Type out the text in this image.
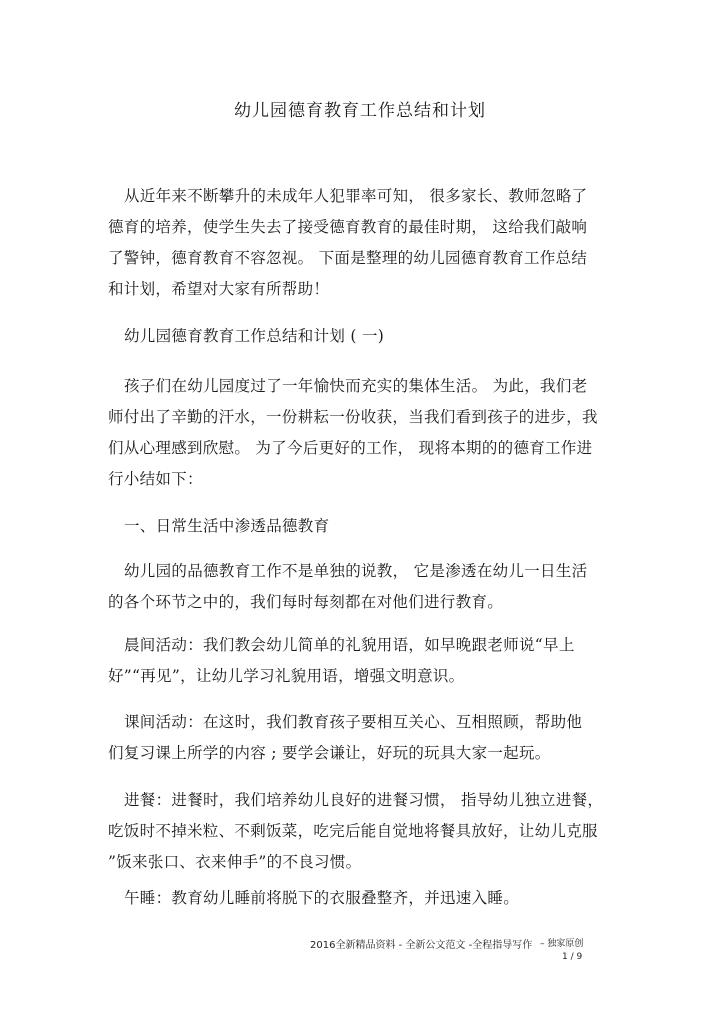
幼儿园德育教育工作总结和计划
从近年来不断攀升的未成年人犯罪率可知， 很多家长、教师忽略了
德育的培养，使学生失去了接受德育教育的最佳时期， 这给我们敲响
了警钟，德育教育不容忽视。 下面是整理的幼儿园德育教育工作总结
和计划，希望对大家有所帮助！
幼儿园德育教育工作总结和计划 ( 一)
孩子们在幼儿园度过了一年愉快而充实的集体生活。 为此，我们老
师付出了辛勤的汗水，一份耕耘一份收获，当我们看到孩子的进步，我
们从心理感到欣慰。 为了今后更好的工作， 现将本期的的德育工作进
行小结如下：
一、日常生活中渗透品德教育
幼儿园的品德教育工作不是单独的说教， 它是渗透在幼儿一日生活
的各个环节之中的，我们每时每刻都在对他们进行教育。
晨间活动：我们教会幼儿简单的礼貌用语，如早晚跟老师说“早上
好”“再见”，让幼儿学习礼貌用语，增强文明意识。
课间活动：在这时，我们教育孩子要相互关心、互相照顾，帮助他
们复习课上所学的内容 ; 要学会谦让，好玩的玩具大家一起玩。
进餐：进餐时，我们培养幼儿良好的进餐习惯， 指导幼儿独立进餐，
吃饭时不掉米粒、不剩饭菜，吃完后能自觉地将餐具放好，让幼儿克服
”饭来张口、衣来伸手”的不良习惯。
午睡：教育幼儿睡前将脱下的衣服叠整齐，并迅速入睡。
2016全新精品资料 - 全新公文范文 -全程指导写作 – 独家原创
1 / 9
